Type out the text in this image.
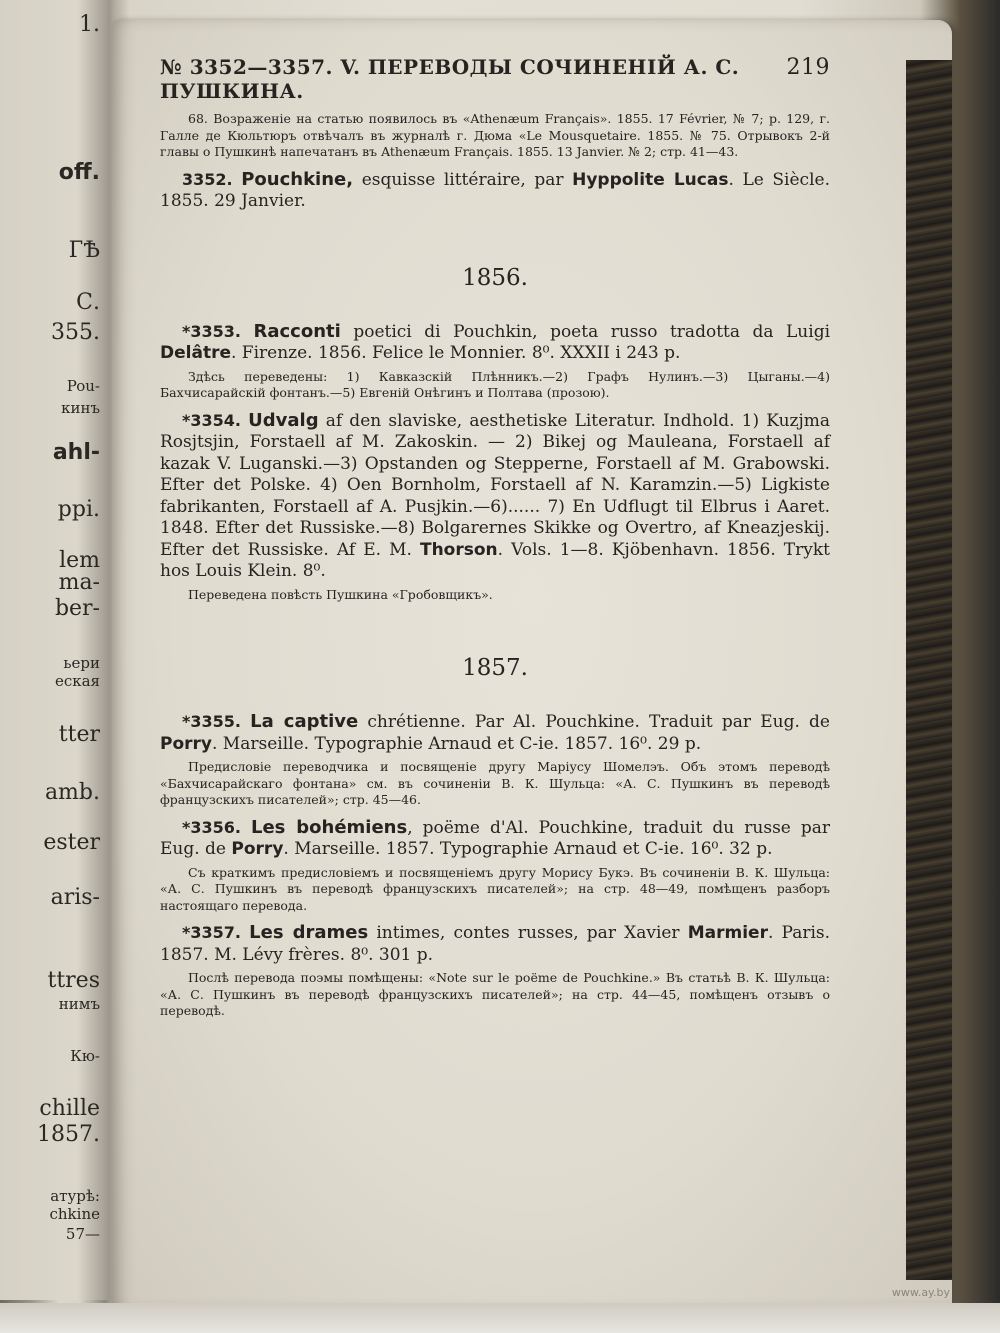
1.
off.
ГѢ
С.
355.
Pou-
кинъ
ahl-
ppi.
lem
ma-
ber-
ьери
еская
tter
amb.
ester
aris-
ttres
нимъ
Кю-
chille
1857.
атурѣ:
chkine
57—
№ 3352—3357. V. ПЕРЕВОДЫ СОЧИНЕНІЙ А. С. ПУШКИНА.
219
68. Возраженіе на статью появилось въ «Athenæum Français». 1855. 17 Février, № 7; p. 129, г. Галле де Кюльтюръ отвѣчалъ въ журналѣ г. Дюма «Le Mousquetaire. 1855. № 75. Отрывокъ 2-й главы о Пушкинѣ напечатанъ въ Athenæum Français. 1855. 13 Janvier. № 2; стр. 41—43.
3352. Pouchkine, esquisse littéraire, par Hyppolite Lucas. Le Siècle. 1855. 29 Janvier.
1856.
*3353. Racconti poetici di Pouchkin, poeta russo tradotta da Luigi Delâtre. Firenze. 1856. Felice le Monnier. 8⁰. XXXII i 243 p.
Здѣсь переведены: 1) Кавказскій Плѣнникъ.—2) Графъ Нулинъ.—3) Цыганы.—4) Бахчисарайскій фонтанъ.—5) Евгеній Онѣгинъ и Полтава (прозою).
*3354. Udvalg af den slaviske, aesthetiske Literatur. Indhold. 1) Kuzjma Rosjtsjin, Forstaell af M. Zakoskin. — 2) Bikej og Mauleana, Forstaell af kazak V. Luganski.—3) Opstanden og Stepperne, Forstaell af M. Grabowski. Efter det Polske. 4) Oen Bornholm, Forstaell af N. Karamzin.—5) Ligkiste fabrikanten, Forstaell af A. Pusjkin.—6)...... 7) En Udflugt til Elbrus i Aaret. 1848. Efter det Russiske.—8) Bolgarernes Skikke og Overtro, af Kneazjeskij. Efter det Russiske. Af E. M. Thorson. Vols. 1—8. Kjöbenhavn. 1856. Trykt hos Louis Klein. 8⁰.
Переведена повѣсть Пушкина «Гробовщикъ».
1857.
*3355. La captive chrétienne. Par Al. Pouchkine. Traduit par Eug. de Porry. Marseille. Typographie Arnaud et C-ie. 1857. 16⁰. 29 p.
Предисловіе переводчика и посвященіе другу Маріусу Шомелэъ. Объ этомъ переводѣ «Бахчисарайскаго фонтана» см. въ сочиненіи В. К. Шульца: «А. С. Пушкинъ въ переводѣ французскихъ писателей»; стр. 45—46.
*3356. Les bohémiens, poëme d'Al. Pouchkine, traduit du russe par Eug. de Porry. Marseille. 1857. Typographie Arnaud et C-ie. 16⁰. 32 p.
Съ краткимъ предисловіемъ и посвященіемъ другу Морису Букэ. Въ сочиненіи В. К. Шульца: «А. С. Пушкинъ въ переводѣ французскихъ писателей»; на стр. 48—49, помѣщенъ разборъ настоящаго перевода.
*3357. Les drames intimes, contes russes, par Xavier Marmier. Paris. 1857. M. Lévy frères. 8⁰. 301 p.
Послѣ перевода поэмы помѣщены: «Note sur le poëme de Pouchkine.» Въ статьѣ В. К. Шульца: «А. С. Пушкинъ въ переводѣ французскихъ писателей»; на стр. 44—45, помѣщенъ отзывъ о переводѣ.
www.ay.by
